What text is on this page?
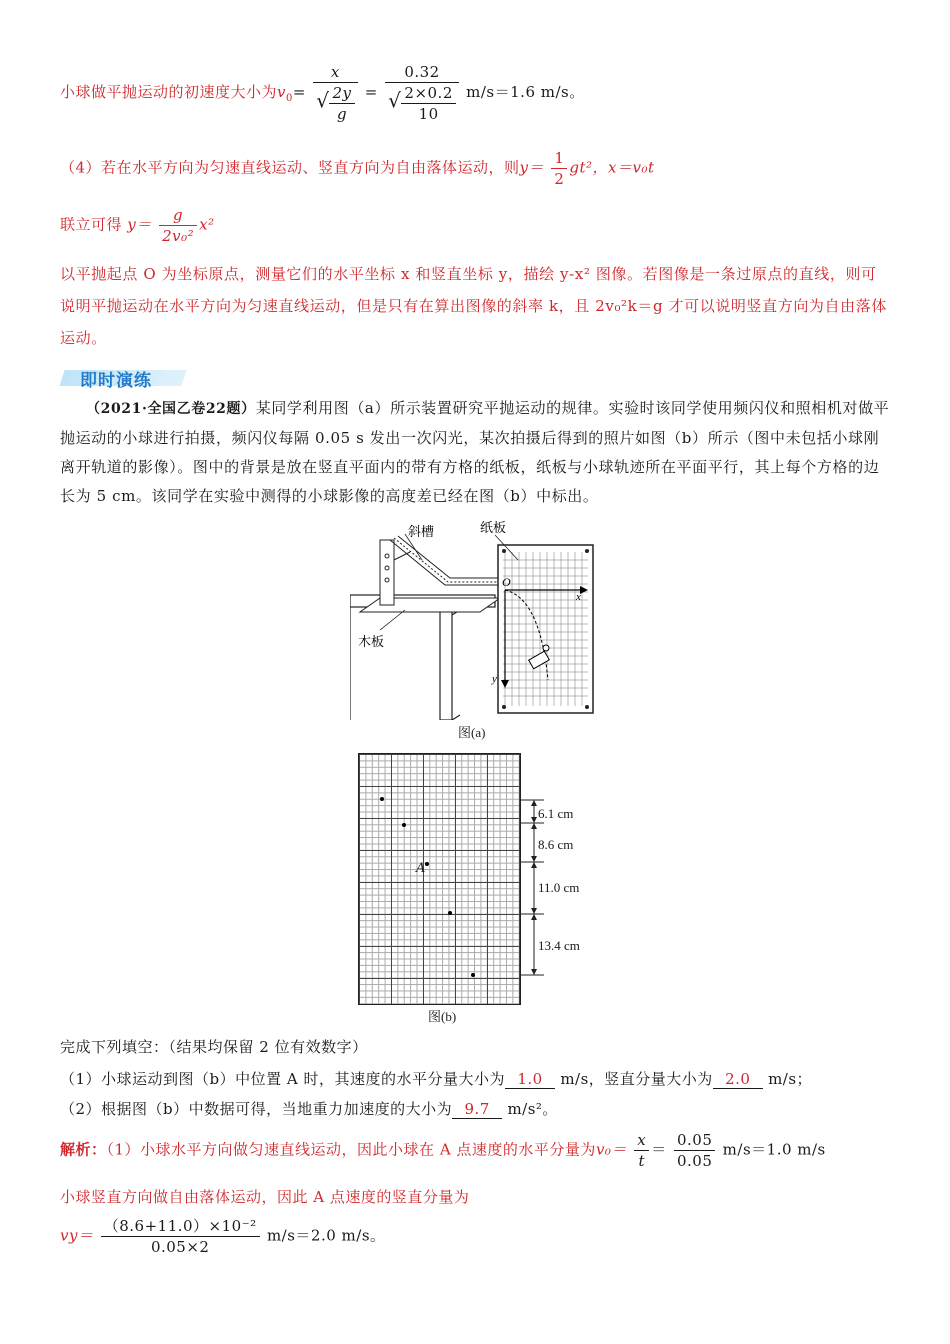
小球做平抛运动的初速度大小为$v_0= \frac{x}{√ \frac{2y}{g}} = \frac{0.32}{√ \frac{2\times 0.2}{10}} m/s=1.6$ m/s。
（4）若在水平方向为匀速直线运动、竖直方向为自由落体运动，则$y= \frac{1}{2} gt^2$，x＝v₀t
联立可得 $y= \frac{g}{\text{2v₀²}} x^2$
以平抛起点 O 为坐标原点，测量它们的水平坐标 x 和竖直坐标 y，描绘 y-x² 图像。若图像是一条过原点的直线，则可说明平抛运动在水平方向为匀速直线运动，但是只有在算出图像的斜率 k，且 2v₀²k＝g 才可以说明竖直方向为自由落体运动。
即时演练
（2021·全国乙卷22题）某同学利用图（a）所示装置研究平抛运动的规律。实验时该同学使用频闪仪和照相机对做平抛运动的小球进行拍摄，频闪仪每隔 0.05 s 发出一次闪光，某次拍摄后得到的照片如图（b）所示（图中未包括小球刚离开轨道的影像）。图中的背景是放在竖直平面内的带有方格的纸板，纸板与小球轨迹所在平面平行，其上每个方格的边长为 5 cm。该同学在实验中测得的小球影像的高度差已经在图（b）中标出。
斜槽	纸板
木板
O
x
y
图(a)
A
6.1 cm
8.6 cm
11.0 cm
13.4 cm
图(b)
完成下列填空：（结果均保留 2 位有效数字）
（1）小球运动到图（b）中位置 A 时，其速度的水平分量大小为 1.0 m/s，竖直分量大小为 2.0 m/s；
（2）根据图（b）中数据可得，当地重力加速度的大小为 9.7 m/s²。
解析：（1）小球水平方向做匀速直线运动，因此小球在 A 点速度的水平分量为$v_0= \frac{x}{t} = \frac{0.05}{0.05} m/s=1.0$ m/s
小球竖直方向做自由落体运动，因此 A 点速度的竖直分量为
$vy= \frac{\text{（8.6+11.0）×10⁻²}}{0.05\times 2} m/s=2.0$ m/s。
